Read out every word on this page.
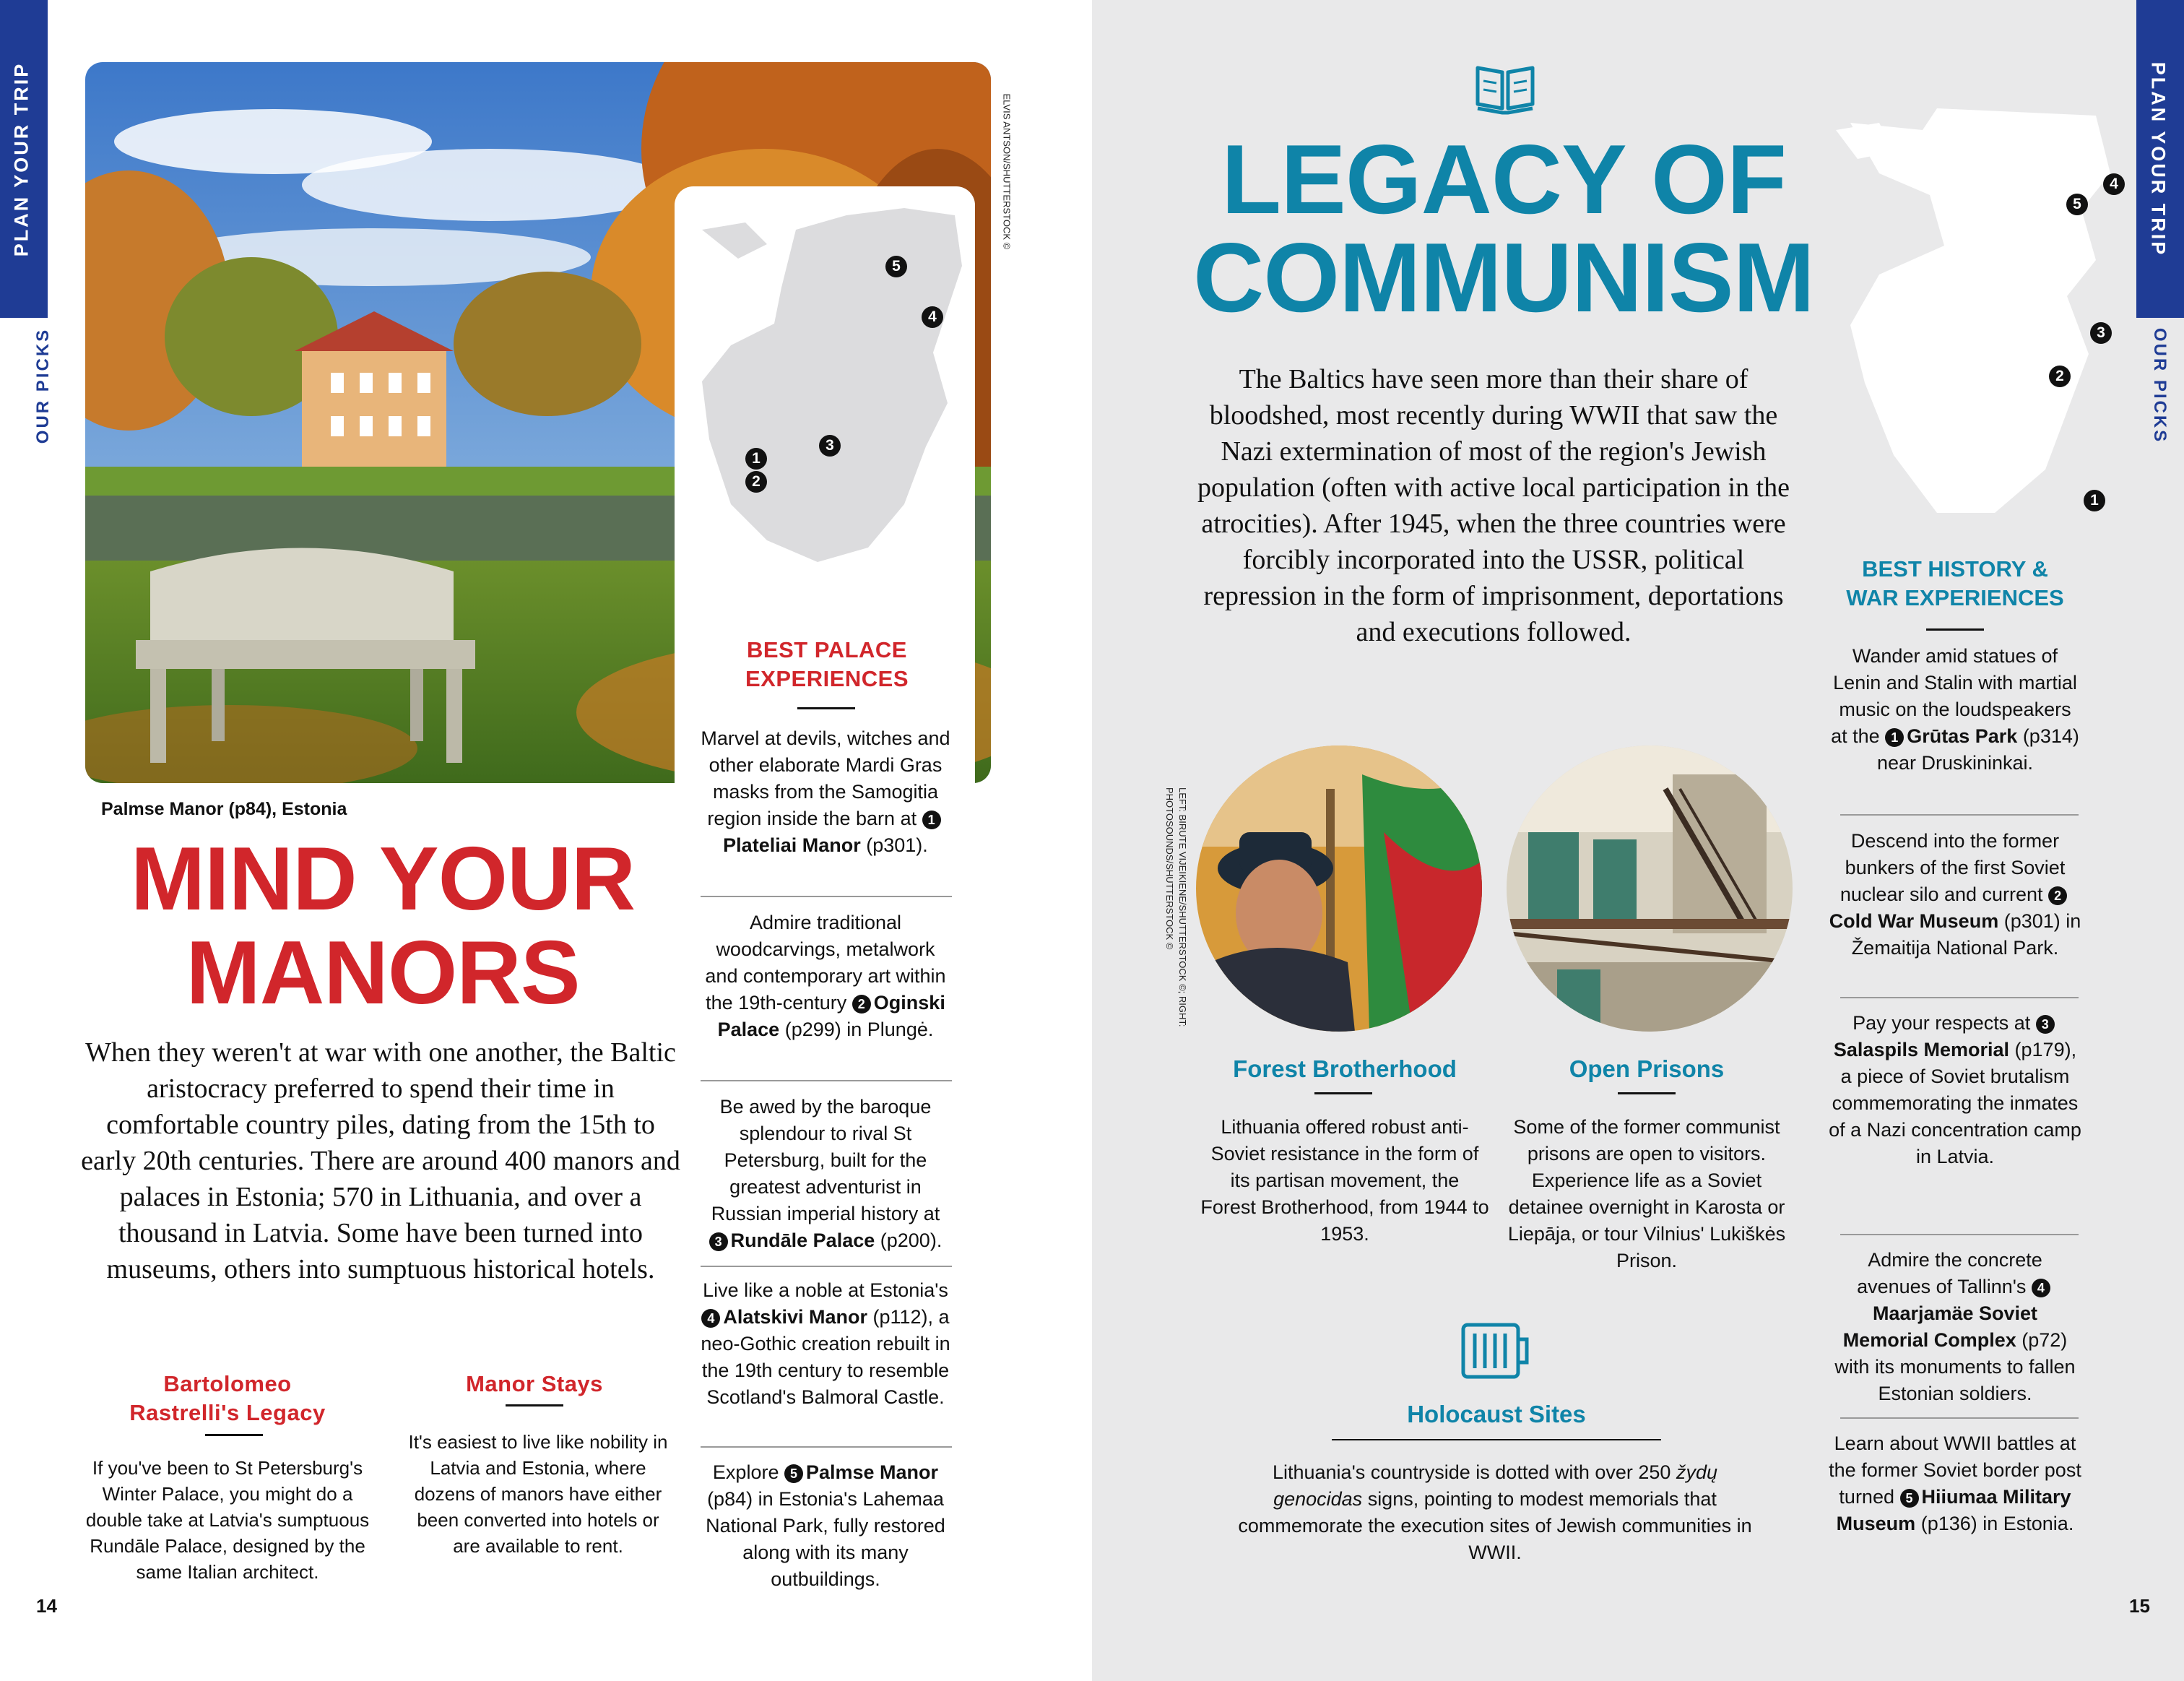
PLAN YOUR TRIP
OUR PICKS
5
4
3
1
2
ELVIS ANTSON/SHUTTERSTOCK ©
Palmse Manor (p84), Estonia
MIND YOUR
MANORS
When they weren't at war with one another, the Baltic aristocracy preferred to spend their time in comfortable country piles, dating from the 15th to early 20th centuries. There are around 400 manors and palaces in Estonia; 570 in Lithuania, and over a thousand in Latvia. Some have been turned into museums, others into sumptuous historical hotels.
Bartolomeo Rastrelli's Legacy
If you've been to St Petersburg's Winter Palace, you might do a double take at Latvia's sumptuous Rundāle Palace, designed by the same Italian architect.
Manor Stays
It's easiest to live like nobility in Latvia and Estonia, where dozens of manors have either been converted into hotels or are available to rent.
BEST PALACE EXPERIENCES
Marvel at devils, witches and other elaborate Mardi Gras masks from the Samogitia region inside the barn at 1Plateliai Manor (p301).
Admire traditional woodcarvings, metalwork and contemporary art within the 19th-century 2 Oginski Palace (p299) in Plungė.
Be awed by the baroque splendour to rival St Petersburg, built for the greatest adventurist in Russian imperial history at 3 Rundāle Palace (p200).
Live like a noble at Estonia's 4 Alatskivi Manor (p112), a neo-Gothic creation rebuilt in the 19th century to resemble Scotland's Balmoral Castle.
Explore 5 Palmse Manor (p84) in Estonia's Lahemaa National Park, fully restored along with its many outbuildings.
14
LEGACY OF
COMMUNISM
The Baltics have seen more than their share of bloodshed, most recently during WWII that saw the Nazi extermination of most of the region's Jewish population (often with active local participation in the atrocities). After 1945, when the three countries were forcibly incorporated into the USSR, political repression in the form of imprisonment, deportations and executions followed.
LEFT: BIRUTE VIJEIKIENE/SHUTTERSTOCK ©; RIGHT: PHOTOSOUNDS/SHUTTERSTOCK ©
Forest Brotherhood
Lithuania offered robust anti-Soviet resistance in the form of its partisan movement, the Forest Brotherhood, from 1944 to 1953.
Open Prisons
Some of the former communist prisons are open to visitors. Experience life as a Soviet detainee overnight in Karosta or Liepāja, or tour Vilnius' Lukiškės Prison.
Holocaust Sites
Lithuania's countryside is dotted with over 250 žydų genocidas signs, pointing to modest memorials that commemorate the execution sites of Jewish communities in WWII.
5
4
3
2
1
PLAN YOUR TRIP
OUR PICKS
BEST HISTORY & WAR EXPERIENCES
Wander amid statues of Lenin and Stalin with martial music on the loudspeakers at the 1 Grūtas Park (p314) near Druskininkai.
Descend into the former bunkers of the first Soviet nuclear silo and current 2Cold War Museum (p301) in Žemaitija National Park.
Pay your respects at 3Salaspils Memorial (p179), a piece of Soviet brutalism commemorating the inmates of a Nazi concentration camp in Latvia.
Admire the concrete avenues of Tallinn's 4Maarjamäe Soviet Memorial Complex (p72) with its monuments to fallen Estonian soldiers.
Learn about WWII battles at the former Soviet border post turned 5 Hiiumaa Military Museum (p136) in Estonia.
15
